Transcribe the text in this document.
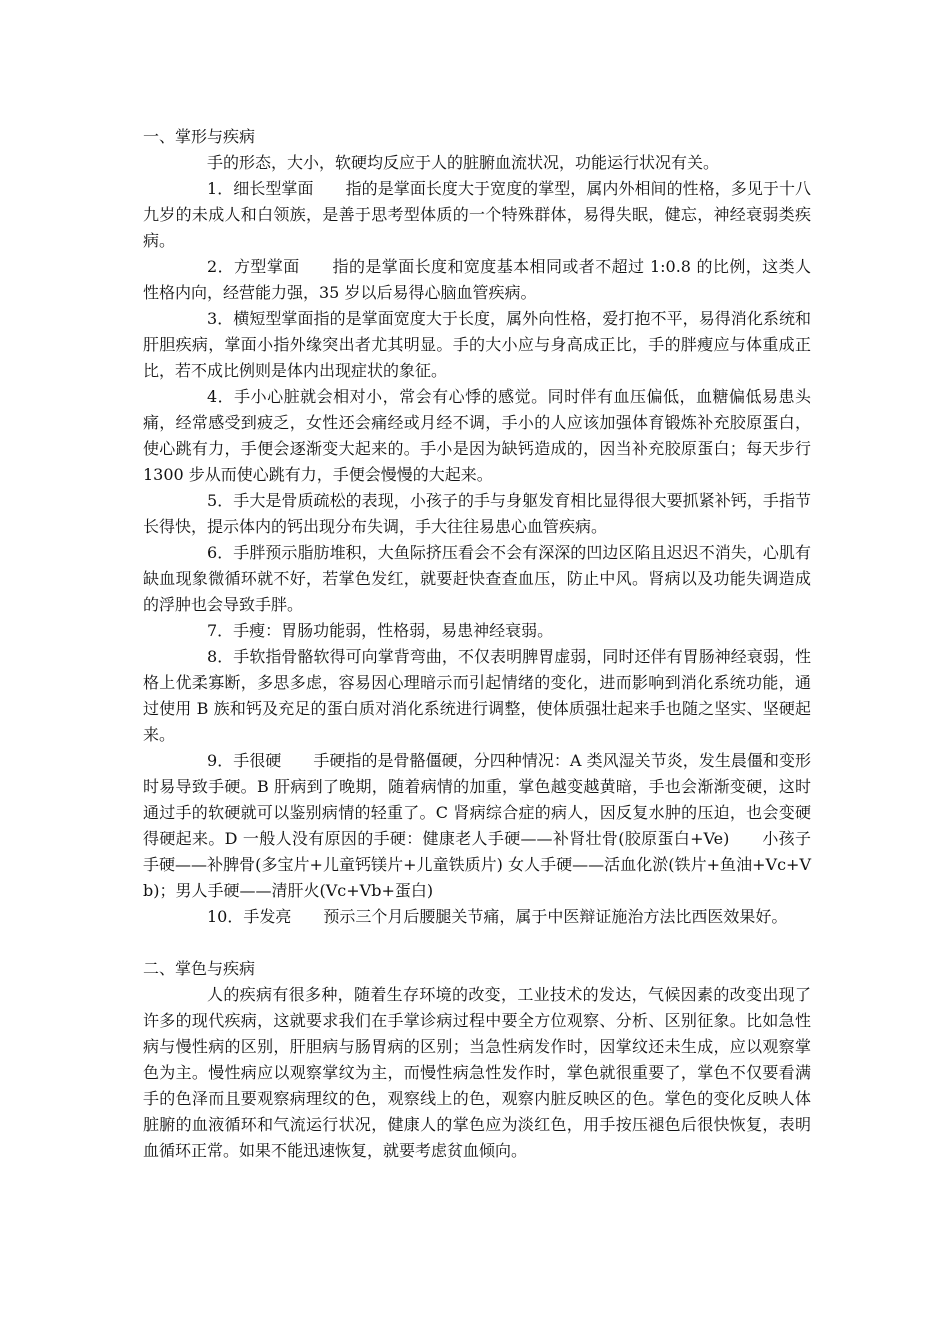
一、掌形与疾病
手的形态，大小，软硬均反应于人的脏腑血流状况，功能运行状况有关。
1．细长型掌面　　指的是掌面长度大于宽度的掌型，属内外相间的性格，多见于十八九岁的未成人和白领族，是善于思考型体质的一个特殊群体，易得失眠，健忘，神经衰弱类疾病。
2．方型掌面　　指的是掌面长度和宽度基本相同或者不超过 1:0.8 的比例，这类人性格内向，经营能力强，35 岁以后易得心脑血管疾病。
3．横短型掌面指的是掌面宽度大于长度，属外向性格，爱打抱不平，易得消化系统和肝胆疾病，掌面小指外缘突出者尤其明显。手的大小应与身高成正比，手的胖瘦应与体重成正比，若不成比例则是体内出现症状的象征。
4．手小心脏就会相对小，常会有心悸的感觉。同时伴有血压偏低，血糖偏低易患头痛，经常感受到疲乏，女性还会痛经或月经不调，手小的人应该加强体育锻炼补充胶原蛋白，使心跳有力，手便会逐渐变大起来的。手小是因为缺钙造成的，因当补充胶原蛋白；每天步行 1300 步从而使心跳有力，手便会慢慢的大起来。
5．手大是骨质疏松的表现，小孩子的手与身躯发育相比显得很大要抓紧补钙，手指节长得快，提示体内的钙出现分布失调，手大往往易患心血管疾病。
6．手胖预示脂肪堆积，大鱼际挤压看会不会有深深的凹边区陷且迟迟不消失，心肌有缺血现象微循环就不好，若掌色发红，就要赶快查查血压，防止中风。肾病以及功能失调造成的浮肿也会导致手胖。
7．手瘦：胃肠功能弱，性格弱，易患神经衰弱。
8．手软指骨骼软得可向掌背弯曲，不仅表明脾胃虚弱，同时还伴有胃肠神经衰弱，性格上优柔寡断，多思多虑，容易因心理暗示而引起情绪的变化，进而影响到消化系统功能，通过使用 B 族和钙及充足的蛋白质对消化系统进行调整，使体质强壮起来手也随之坚实、坚硬起来。
9．手很硬　　手硬指的是骨骼僵硬，分四种情况：A 类风湿关节炎，发生晨僵和变形时易导致手硬。B 肝病到了晚期，随着病情的加重，掌色越变越黄暗，手也会渐渐变硬，这时通过手的软硬就可以鉴别病情的轻重了。C 肾病综合症的病人，因反复水肿的压迫，也会变硬得硬起来。D 一般人没有原因的手硬：健康老人手硬——补肾壮骨(胶原蛋白+Ve)　　小孩子手硬——补脾骨(多宝片+儿童钙镁片+儿童铁质片) 女人手硬——活血化淤(铁片+鱼油+Vc+Vb)；男人手硬——清肝火(Vc+Vb+蛋白)
10．手发亮　　预示三个月后腰腿关节痛，属于中医辩证施治方法比西医效果好。
二、掌色与疾病
人的疾病有很多种，随着生存环境的改变，工业技术的发达，气候因素的改变出现了许多的现代疾病，这就要求我们在手掌诊病过程中要全方位观察、分析、区别征象。比如急性病与慢性病的区别，肝胆病与肠胃病的区别；当急性病发作时，因掌纹还未生成，应以观察掌色为主。慢性病应以观察掌纹为主，而慢性病急性发作时，掌色就很重要了，掌色不仅要看满手的色泽而且要观察病理纹的色，观察线上的色，观察内脏反映区的色。掌色的变化反映人体脏腑的血液循环和气流运行状况，健康人的掌色应为淡红色，用手按压褪色后很快恢复，表明血循环正常。如果不能迅速恢复，就要考虑贫血倾向。
